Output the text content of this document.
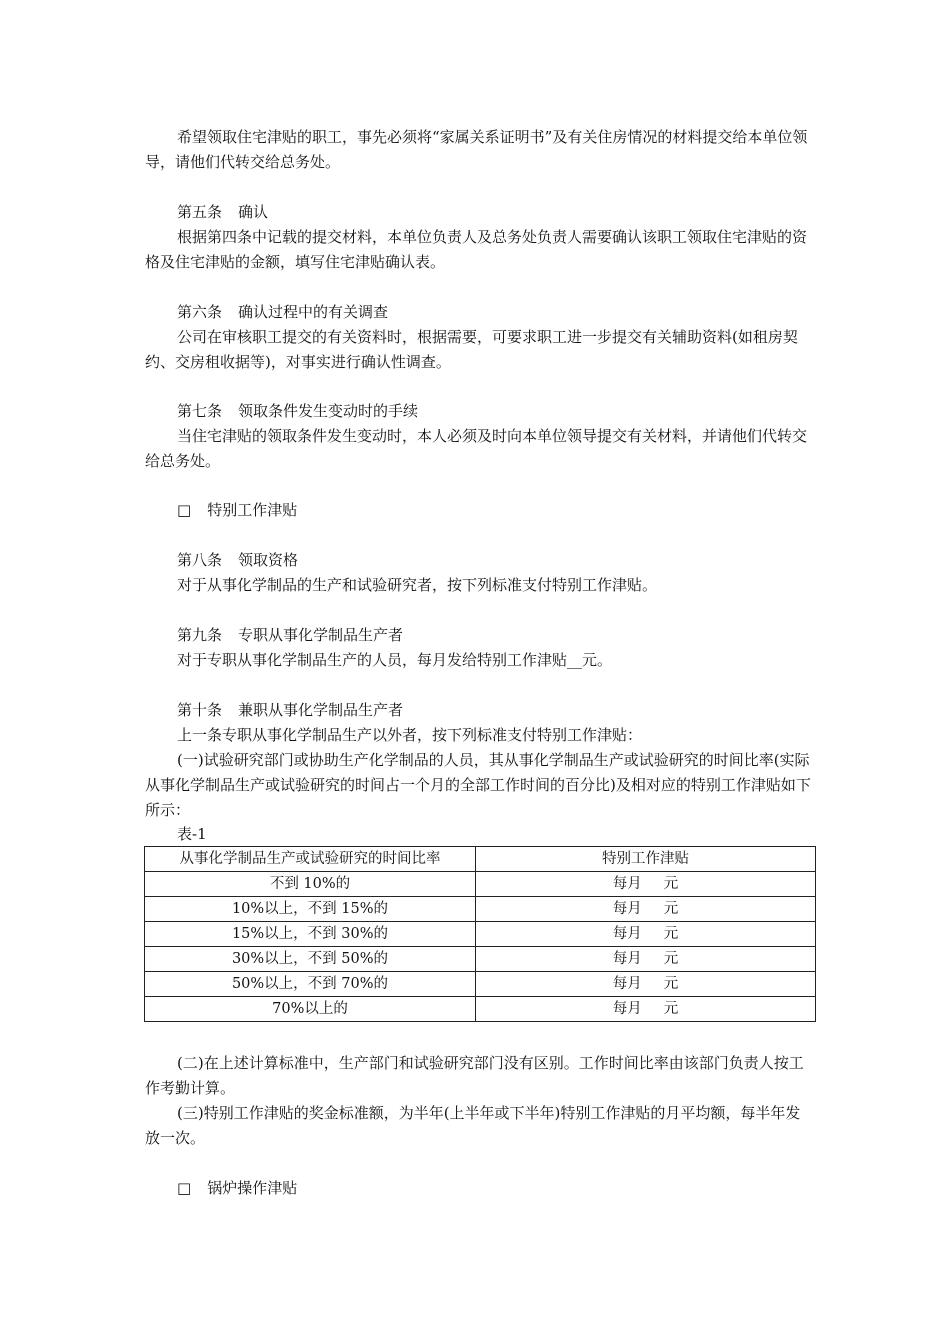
希望领取住宅津贴的职工，事先必须将“家属关系证明书”及有关住房情况的材料提交给本单位领导，请他们代转交给总务处。

第五条 确认

根据第四条中记载的提交材料，本单位负责人及总务处负责人需要确认该职工领取住宅津贴的资格及住宅津贴的金额，填写住宅津贴确认表。

第六条 确认过程中的有关调查

公司在审核职工提交的有关资料时，根据需要，可要求职工进一步提交有关辅助资料(如租房契约、交房租收据等)，对事实进行确认性调查。

第七条 领取条件发生变动时的手续

当住宅津贴的领取条件发生变动时，本人必须及时向本单位领导提交有关材料，并请他们代转交给总务处。

□ 特别工作津贴

第八条 领取资格

对于从事化学制品的生产和试验研究者，按下列标准支付特别工作津贴。

第九条 专职从事化学制品生产者

对于专职从事化学制品生产的人员，每月发给特别工作津贴__元。

第十条 兼职从事化学制品生产者

上一条专职从事化学制品生产以外者，按下列标准支付特别工作津贴：

(一)试验研究部门或协助生产化学制品的人员，其从事化学制品生产或试验研究的时间比率(实际从事化学制品生产或试验研究的时间占一个月的全部工作时间的百分比)及相对应的特别工作津贴如下所示：

表-1

从事化学制品生产或试验研究的时间比率	特别工作津贴
不到 10%的	每月 元
10%以上，不到 15%的	每月 元
15%以上，不到 30%的	每月 元
30%以上，不到 50%的	每月 元
50%以上，不到 70%的	每月 元
70%以上的	每月 元

(二)在上述计算标准中，生产部门和试验研究部门没有区别。工作时间比率由该部门负责人按工作考勤计算。

(三)特别工作津贴的奖金标准额，为半年(上半年或下半年)特别工作津贴的月平均额，每半年发放一次。

□ 锅炉操作津贴
